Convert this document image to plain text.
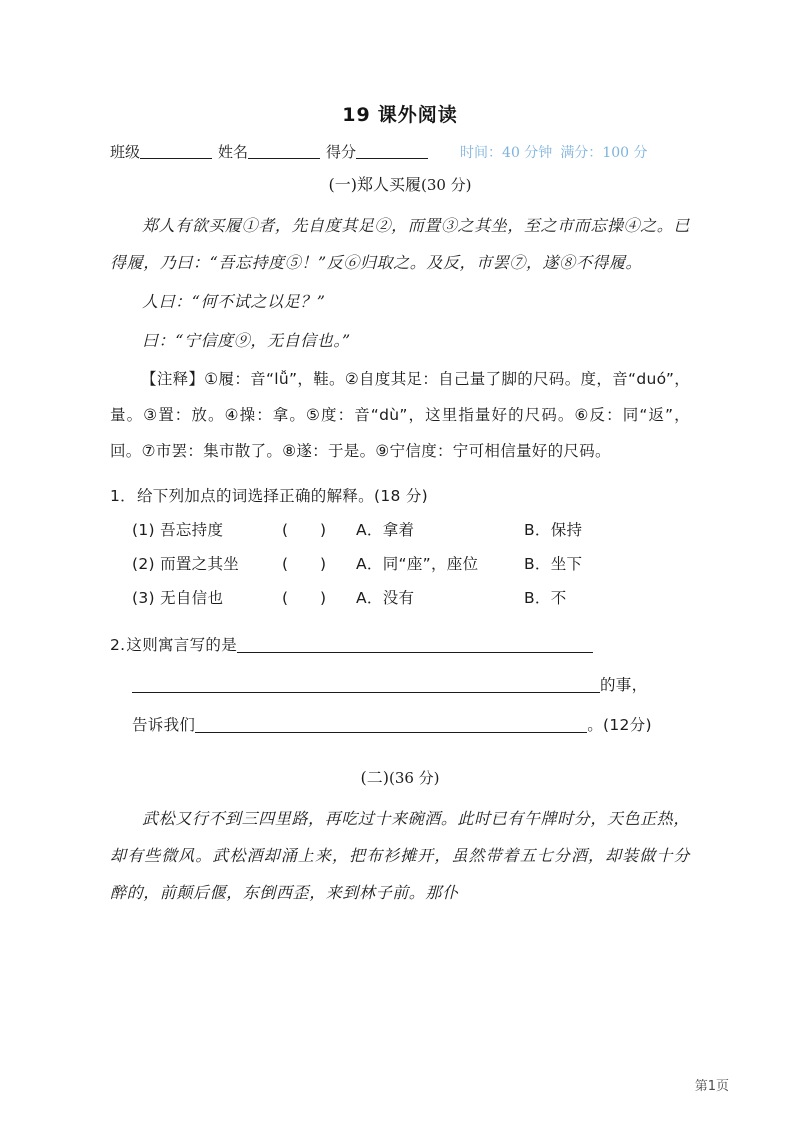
19 课外阅读
班级	姓名	得分	时间：40 分钟 满分：100 分
(一)郑人买履(30 分)

郑人有欲买履①者，先自度其足②，而置③之其坐，至之市而忘操④之。已得履，乃曰：“吾忘持度⑤！”反⑥归取之。及反，市罢⑦，遂⑧不得履。

人曰：“何不试之以足？”

曰：“宁信度⑨，无自信也。”

【注释】①履：音“lǚ”，鞋。②自度其足：自己量了脚的尺码。度，音“duó”，量。③置：放。④操：拿。⑤度：音“dù”，这里指量好的尺码。⑥反：同“返”，回。⑦市罢：集市散了。⑧遂：于是。⑨宁信度：宁可相信量好的尺码。

1．给下列加点的词选择正确的解释。(18 分)
(1) 吾忘持度	(　　)	A．拿着	B．保持
(2) 而置之其坐	(　　)	A．同“座”，座位	B．坐下
(3) 无自信也	(　　)	A．没有	B．不
2.这则寓言写的是
的事，
告诉我们	。(12分)
(二)(36 分)

武松又行不到三四里路，再吃过十来碗酒。此时已有午牌时分，天色正热，却有些微风。武松酒却涌上来，把布衫摊开，虽然带着五七分酒，却装做十分醉的，前颠后偃，东倒西歪，来到林子前。那仆

第1页
